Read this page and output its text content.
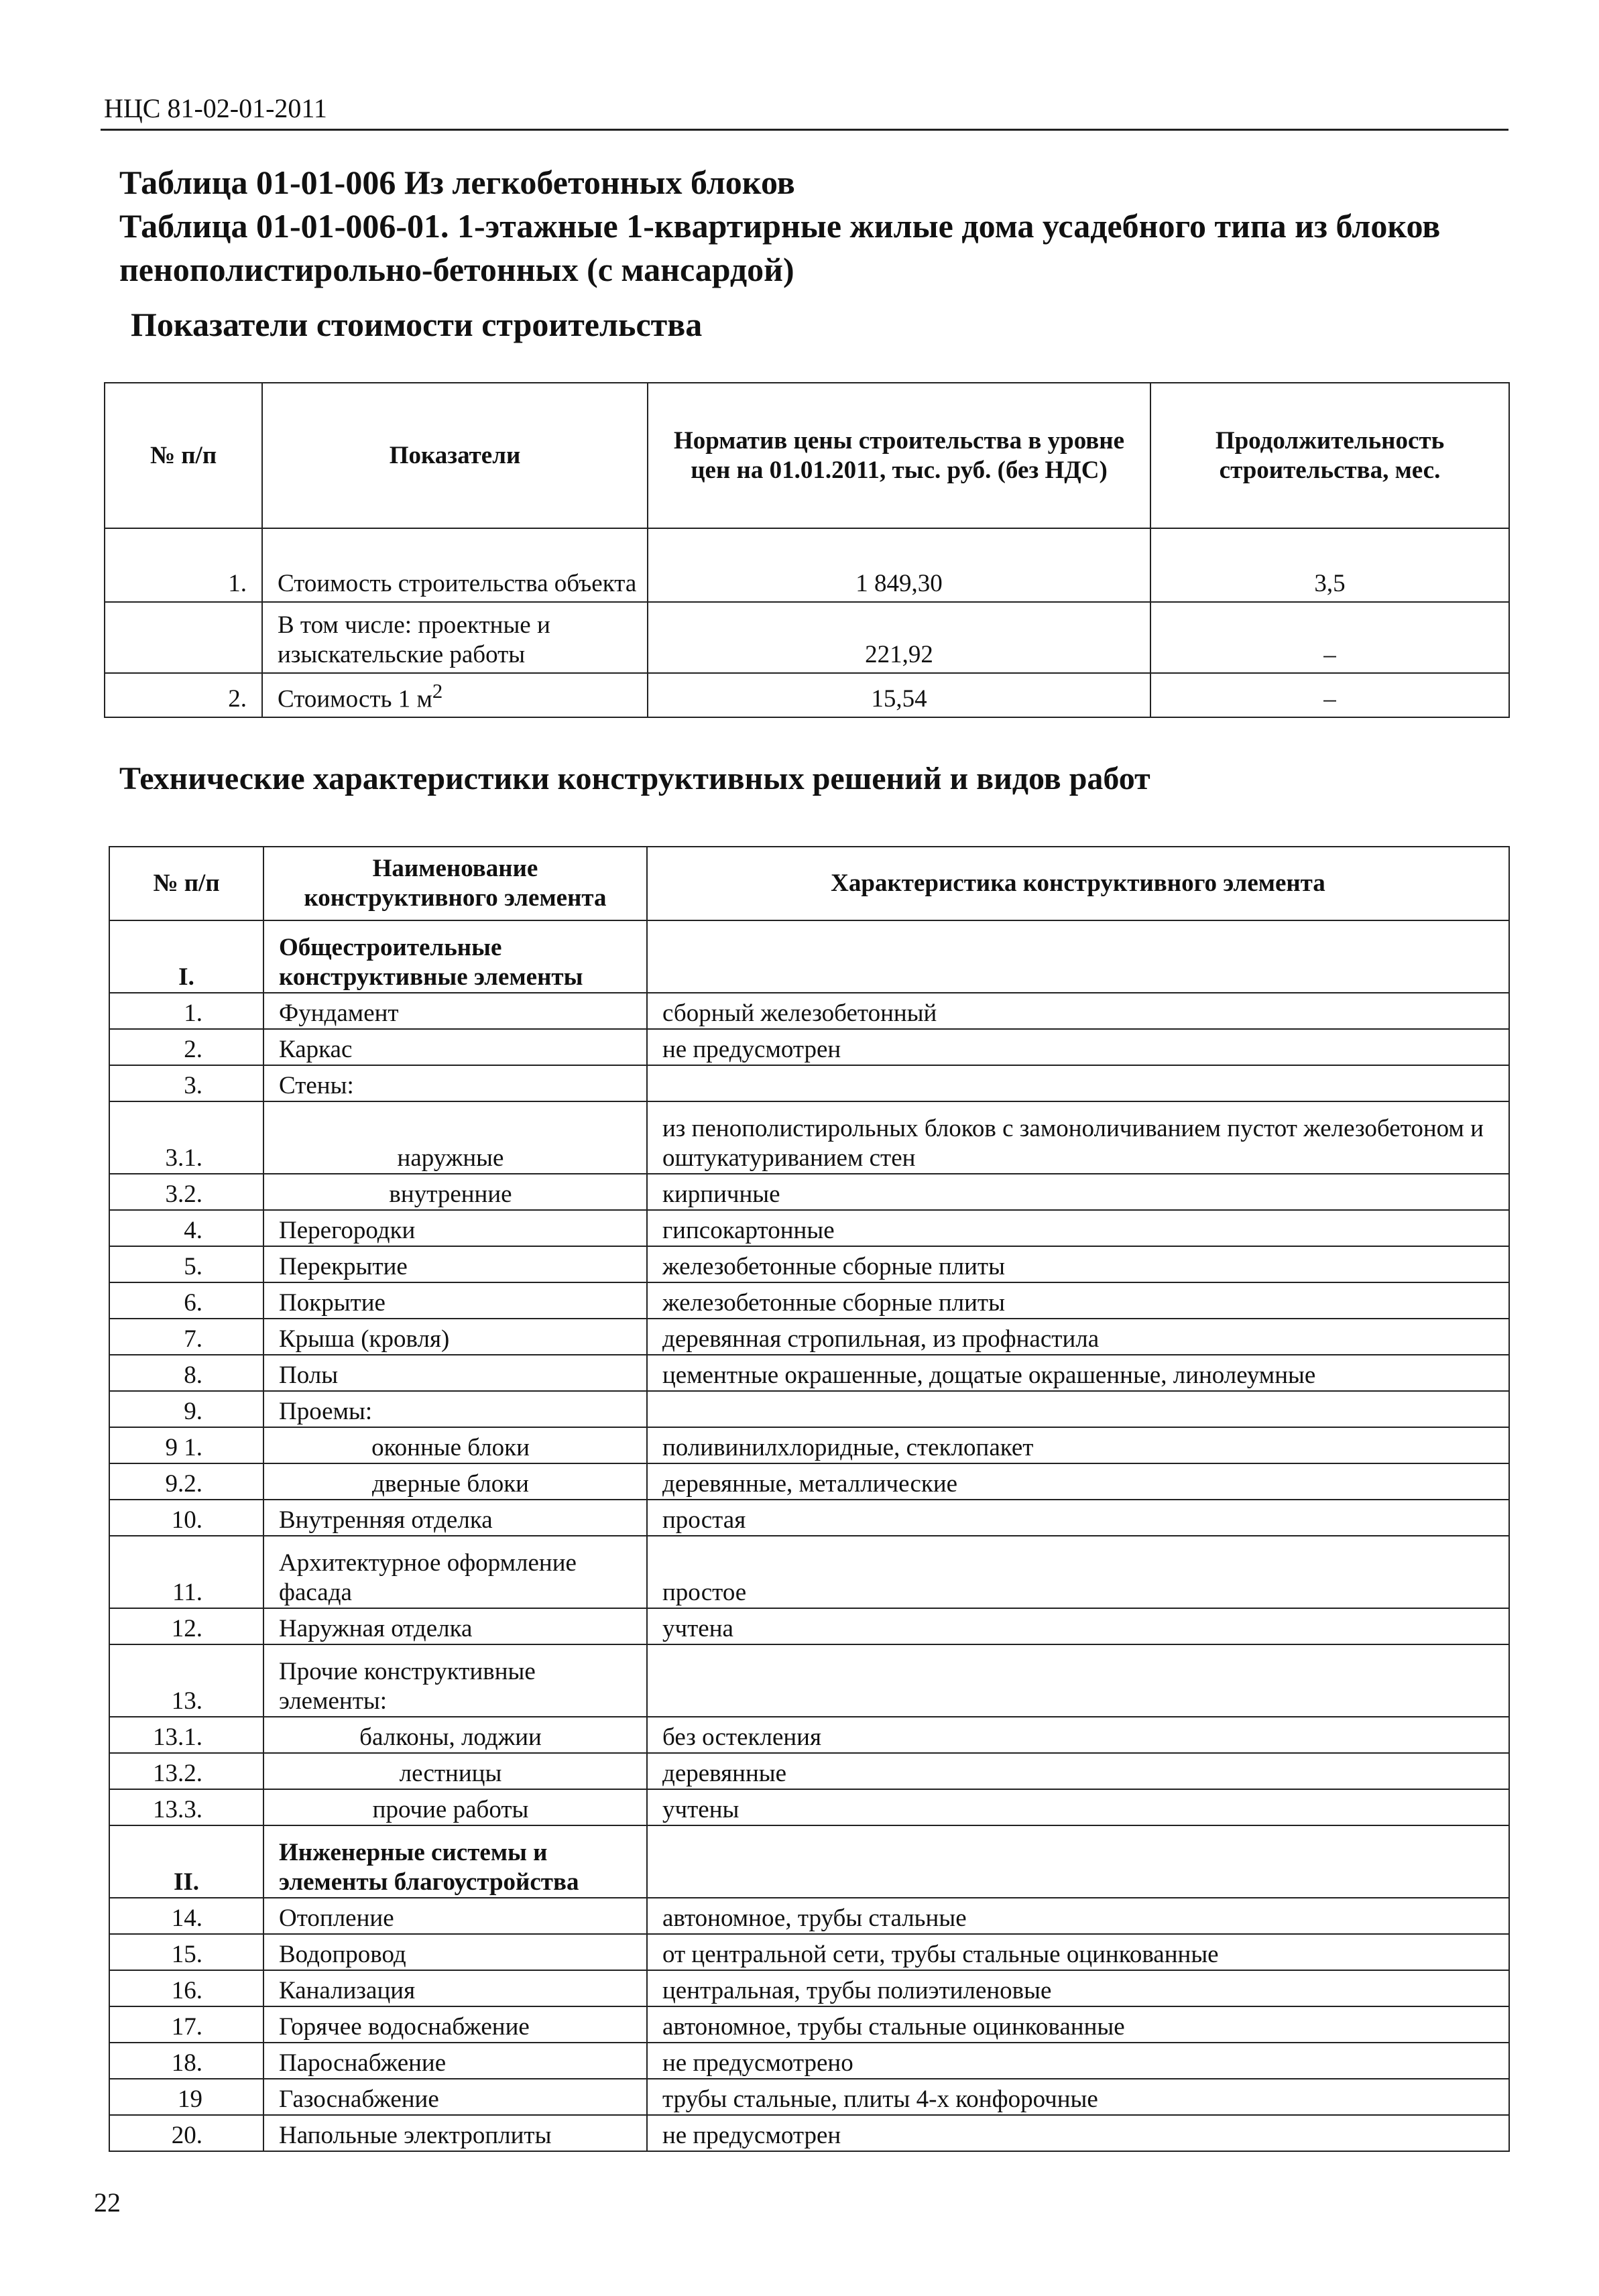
НЦС 81-02-01-2011
Таблица 01-01-006 Из легкобетонных блоков
Таблица 01-01-006-01. 1-этажные 1-квартирные жилые дома усадебного типа из блоков
пенополистирольно-бетонных (с мансардой)
Показатели стоимости строительства
№ п/п	Показатели	Норматив цены строительства в уровне цен на 01.01.2011, тыс. руб. (без НДС)	Продолжительность строительства, мес.
1.	Стоимость строительства объекта	1 849,30	3,5
	В том числе: проектные и изыскательские работы	221,92	–
2.	Стоимость 1 $м^2$	15,54	–
Технические характеристики конструктивных решений и видов работ
№ п/п	Наименование конструктивного элемента	Характеристика конструктивного элемента
I.	Общестроительные конструктивные элементы	
1.	Фундамент	сборный железобетонный
2.	Каркас	не предусмотрен
3.	Стены:	
3.1.	наружные	из пенополистирольных блоков с замоноличиванием пустот железобетоном и оштукатуриванием стен
3.2.	внутренние	кирпичные
4.	Перегородки	гипсокартонные
5.	Перекрытие	железобетонные сборные плиты
6.	Покрытие	железобетонные сборные плиты
7.	Крыша (кровля)	деревянная стропильная, из профнастила
8.	Полы	цементные окрашенные, дощатые окрашенные, линолеумные
9.	Проемы:	
9 1.	оконные блоки	поливинилхлоридные, стеклопакет
9.2.	дверные блоки	деревянные, металлические
10.	Внутренняя отделка	простая
11.	Архитектурное оформление фасада	простое
12.	Наружная отделка	учтена
13.	Прочие конструктивные элементы:	
13.1.	балконы, лоджии	без остекления
13.2.	лестницы	деревянные
13.3.	прочие работы	учтены
II.	Инженерные системы и элементы благоустройства	
14.	Отопление	автономное, трубы стальные
15.	Водопровод	от центральной сети, трубы стальные оцинкованные
16.	Канализация	центральная, трубы полиэтиленовые
17.	Горячее водоснабжение	автономное, трубы стальные оцинкованные
18.	Пароснабжение	не предусмотрено
19	Газоснабжение	трубы стальные, плиты 4-х конфорочные
20.	Напольные электроплиты	не предусмотрен
22
